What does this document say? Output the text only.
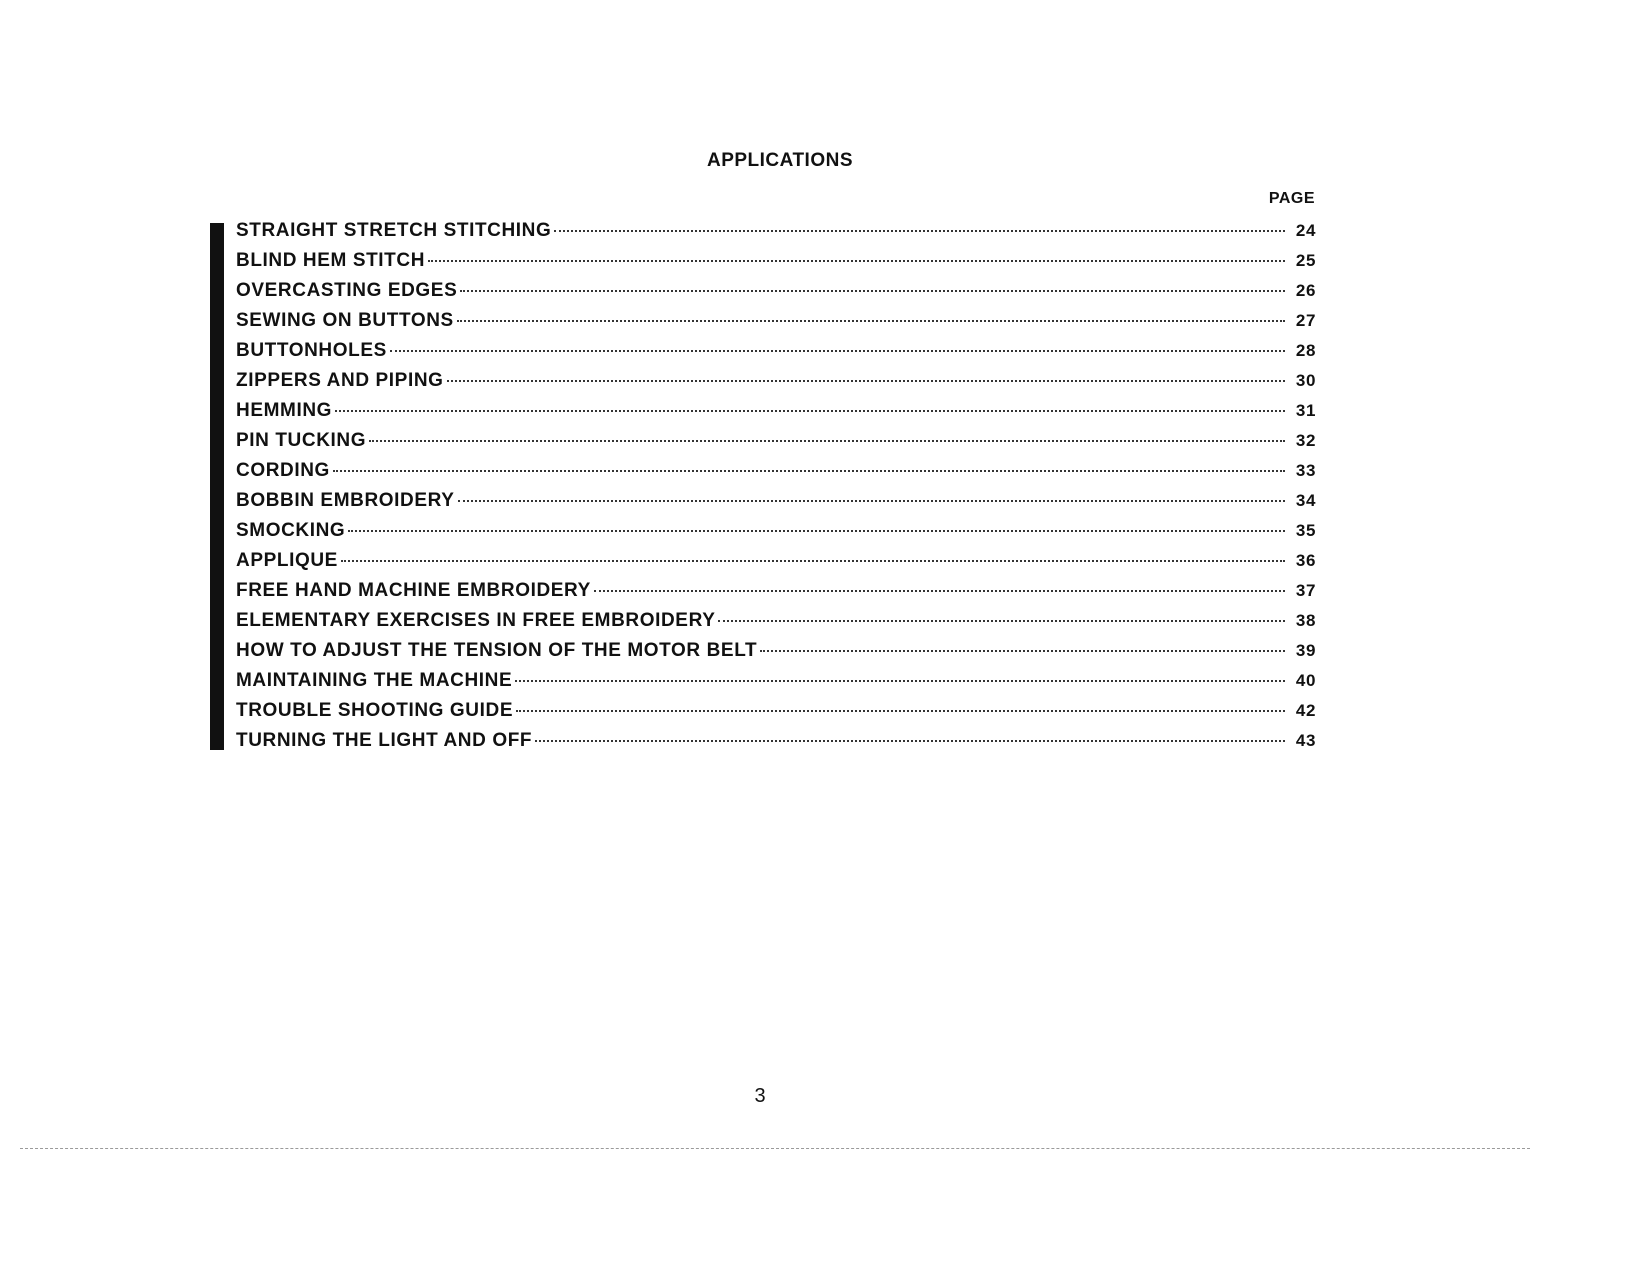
APPLICATIONS
PAGE
STRAIGHT STRETCH STITCHING	24
BLIND HEM STITCH	25
OVERCASTING EDGES	26
SEWING ON BUTTONS	27
BUTTONHOLES	28
ZIPPERS AND PIPING	30
HEMMING	31
PIN TUCKING	32
CORDING	33
BOBBIN EMBROIDERY	34
SMOCKING	35
APPLIQUE	36
FREE HAND MACHINE EMBROIDERY	37
ELEMENTARY EXERCISES IN FREE EMBROIDERY	38
HOW TO ADJUST THE TENSION OF THE MOTOR BELT	39
MAINTAINING THE MACHINE	40
TROUBLE SHOOTING GUIDE	42
TURNING THE LIGHT AND OFF	43
3
